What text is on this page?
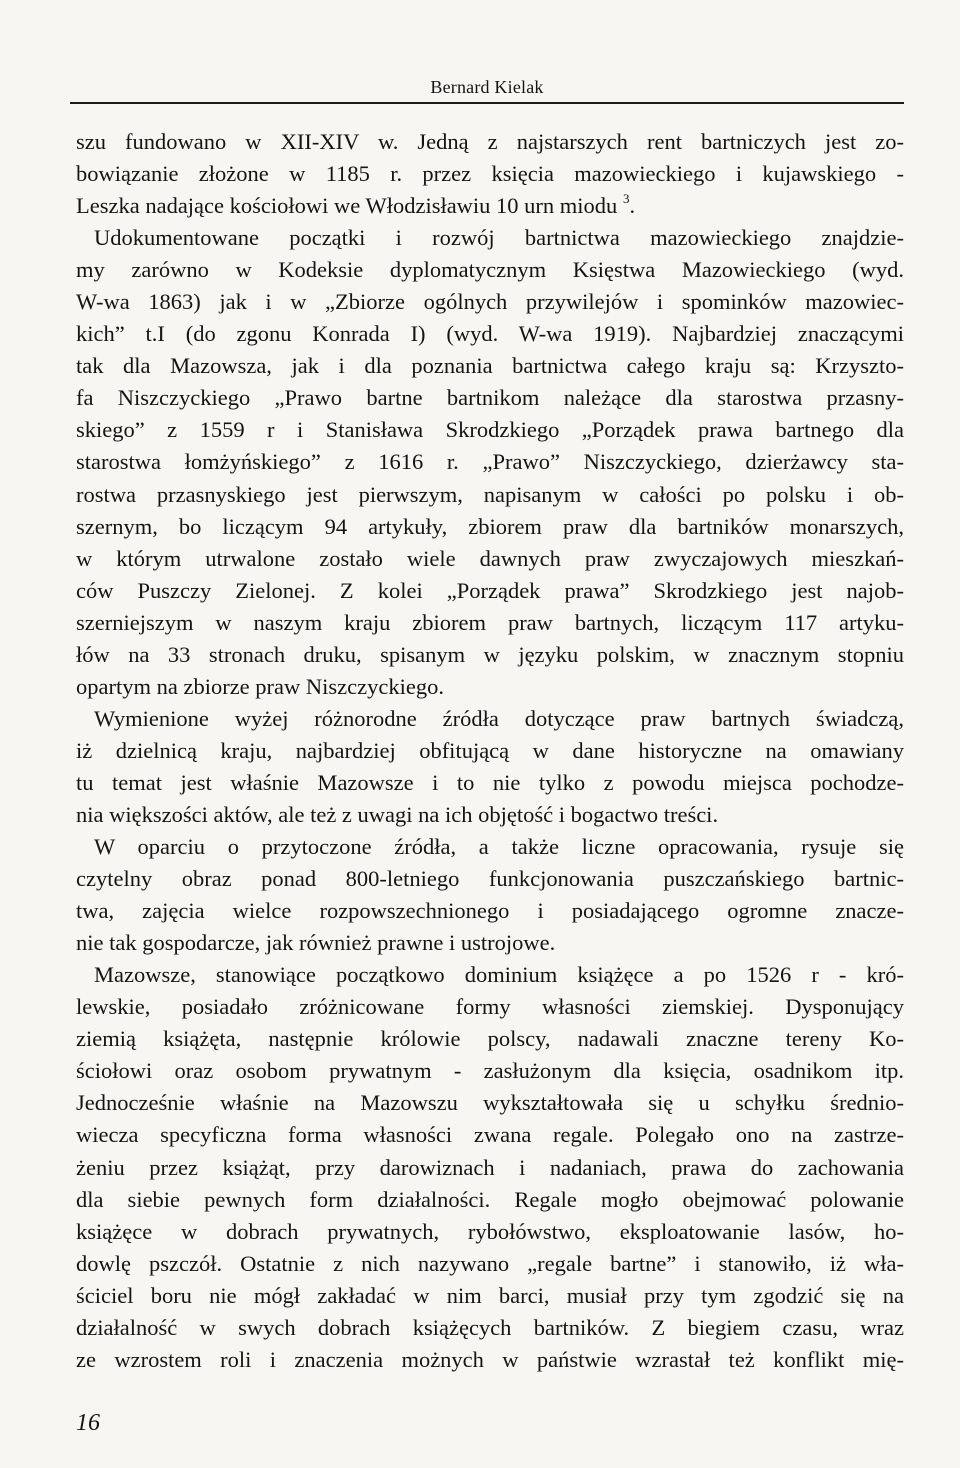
Bernard Kielak
szu fundowano w XII-XIV w. Jedną z najstarszych rent bartniczych jest zo-
bowiązanie złożone w 1185 r. przez księcia mazowieckiego i kujawskiego -
Leszka nadające kościołowi we Włodzisławiu 10 urn miodu $^3$.
Udokumentowane początki i rozwój bartnictwa mazowieckiego znajdzie-
my zarówno w Kodeksie dyplomatycznym Księstwa Mazowieckiego (wyd.
W-wa 1863) jak i w „Zbiorze ogólnych przywilejów i spominków mazowiec-
kich” t.I (do zgonu Konrada I) (wyd. W-wa 1919). Najbardziej znaczącymi
tak dla Mazowsza, jak i dla poznania bartnictwa całego kraju są: Krzyszto-
fa Niszczyckiego „Prawo bartne bartnikom należące dla starostwa przasny-
skiego” z 1559 r i Stanisława Skrodzkiego „Porządek prawa bartnego dla
starostwa łomżyńskiego” z 1616 r. „Prawo” Niszczyckiego, dzierżawcy sta-
rostwa przasnyskiego jest pierwszym, napisanym w całości po polsku i ob-
szernym, bo liczącym 94 artykuły, zbiorem praw dla bartników monarszych,
w którym utrwalone zostało wiele dawnych praw zwyczajowych mieszkań-
ców Puszczy Zielonej. Z kolei „Porządek prawa” Skrodzkiego jest najob-
szerniejszym w naszym kraju zbiorem praw bartnych, liczącym 117 artyku-
łów na 33 stronach druku, spisanym w języku polskim, w znacznym stopniu
opartym na zbiorze praw Niszczyckiego.
Wymienione wyżej różnorodne źródła dotyczące praw bartnych świadczą,
iż dzielnicą kraju, najbardziej obfitującą w dane historyczne na omawiany
tu temat jest właśnie Mazowsze i to nie tylko z powodu miejsca pochodze-
nia większości aktów, ale też z uwagi na ich objętość i bogactwo treści.
W oparciu o przytoczone źródła, a także liczne opracowania, rysuje się
czytelny obraz ponad 800-letniego funkcjonowania puszczańskiego bartnic-
twa, zajęcia wielce rozpowszechnionego i posiadającego ogromne znacze-
nie tak gospodarcze, jak również prawne i ustrojowe.
Mazowsze, stanowiące początkowo dominium książęce a po 1526 r - kró-
lewskie, posiadało zróżnicowane formy własności ziemskiej. Dysponujący
ziemią książęta, następnie królowie polscy, nadawali znaczne tereny Ko-
ściołowi oraz osobom prywatnym - zasłużonym dla księcia, osadnikom itp.
Jednocześnie właśnie na Mazowszu wykształtowała się u schyłku średnio-
wiecza specyficzna forma własności zwana regale. Polegało ono na zastrze-
żeniu przez książąt, przy darowiznach i nadaniach, prawa do zachowania
dla siebie pewnych form działalności. Regale mogło obejmować polowanie
książęce w dobrach prywatnych, rybołówstwo, eksploatowanie lasów, ho-
dowlę pszczół. Ostatnie z nich nazywano „regale bartne” i stanowiło, iż wła-
ściciel boru nie mógł zakładać w nim barci, musiał przy tym zgodzić się na
działalność w swych dobrach książęcych bartników. Z biegiem czasu, wraz
ze wzrostem roli i znaczenia możnych w państwie wzrastał też konflikt mię-
16
